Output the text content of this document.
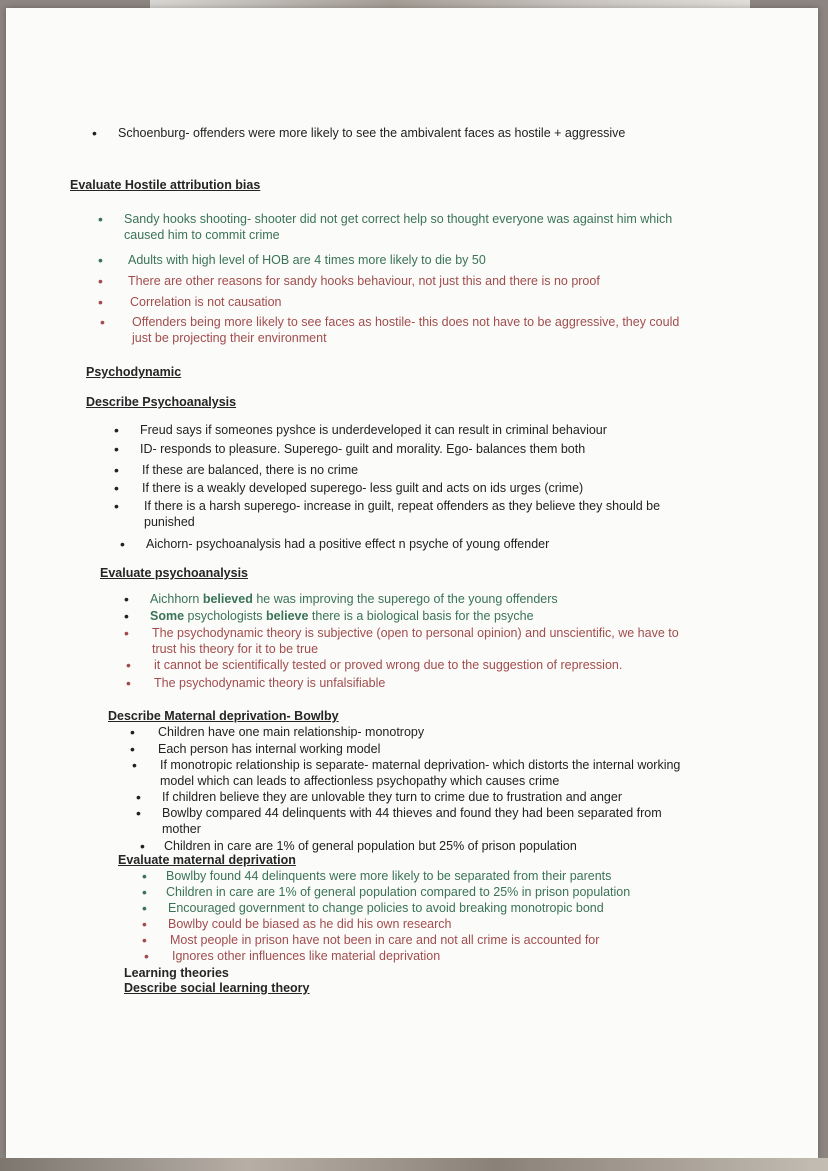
• Schoenburg- offenders were more likely to see the ambivalent faces as hostile + aggressive
Evaluate Hostile attribution bias
• Sandy hooks shooting- shooter did not get correct help so thought everyone was against him which caused him to commit crime
• Adults with high level of HOB are 4 times more likely to die by 50
• There are other reasons for sandy hooks behaviour, not just this and there is no proof
• Correlation is not causation
• Offenders being more likely to see faces as hostile- this does not have to be aggressive, they could just be projecting their environment
Psychodynamic
Describe Psychoanalysis
• Freud says if someones pyshce is underdeveloped it can result in criminal behaviour
• ID- responds to pleasure. Superego- guilt and morality. Ego- balances them both
• If these are balanced, there is no crime
• If there is a weakly developed superego- less guilt and acts on ids urges (crime)
• If there is a harsh superego- increase in guilt, repeat offenders as they believe they should be punished
• Aichorn- psychoanalysis had a positive effect n psyche of young offender
Evaluate psychoanalysis
• Aichhorn believed he was improving the superego of the young offenders
• Some psychologists believe there is a biological basis for the psyche
• The psychodynamic theory is subjective (open to personal opinion) and unscientific, we have to trust his theory for it to be true
• it cannot be scientifically tested or proved wrong due to the suggestion of repression.
• The psychodynamic theory is unfalsifiable
Describe Maternal deprivation- Bowlby
• Children have one main relationship- monotropy
• Each person has internal working model
• If monotropic relationship is separate- maternal deprivation- which distorts the internal working model which can leads to affectionless psychopathy which causes crime
• If children believe they are unlovable they turn to crime due to frustration and anger
• Bowlby compared 44 delinquents with 44 thieves and found they had been separated from mother
• Children in care are 1% of general population but 25% of prison population
Evaluate maternal deprivation
• Bowlby found 44 delinquents were more likely to be separated from their parents
• Children in care are 1% of general population compared to 25% in prison population
• Encouraged government to change policies to avoid breaking monotropic bond
• Bowlby could be biased as he did his own research
• Most people in prison have not been in care and not all crime is accounted for
• Ignores other influences like material deprivation
Learning theories
Describe social learning theory
